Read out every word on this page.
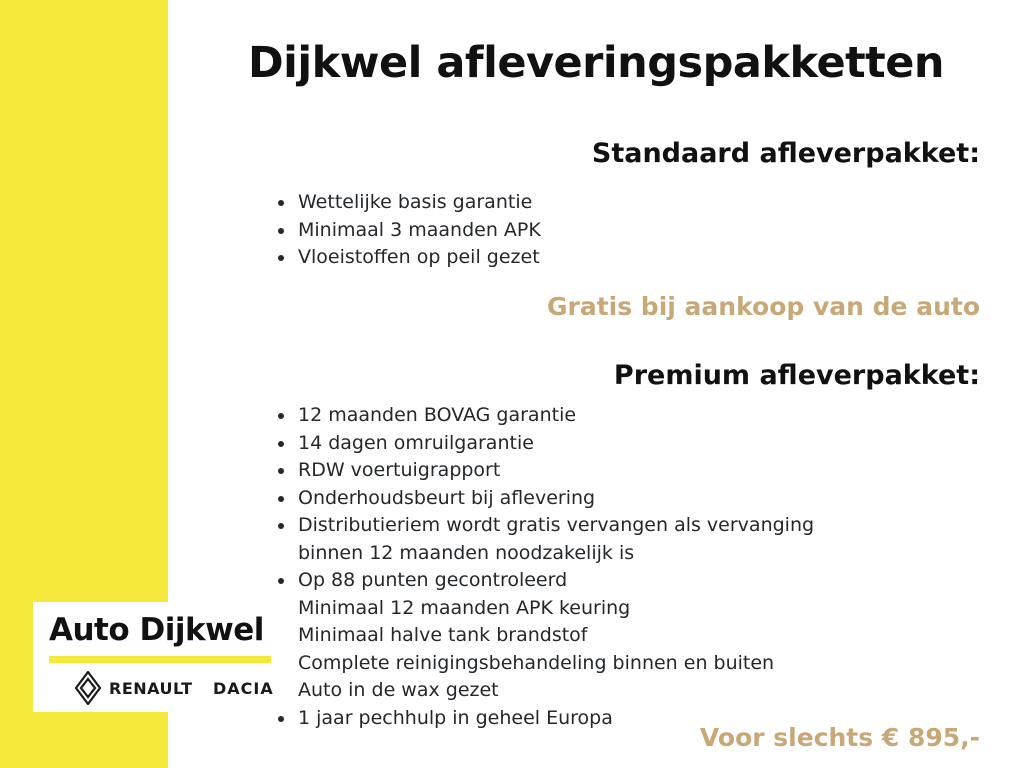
Dijkwel afleveringspakketten
Standaard afleverpakket:
Wettelijke basis garantie
Minimaal 3 maanden APK
Vloeistoffen op peil gezet
Gratis bij aankoop van de auto
Premium afleverpakket:
12 maanden BOVAG garantie
14 dagen omruilgarantie
RDW voertuigrapport
Onderhoudsbeurt bij aflevering
Distributieriem wordt gratis vervangen als vervanging
binnen 12 maanden noodzakelijk is
Op 88 punten gecontroleerd
Minimaal 12 maanden APK keuring
Minimaal halve tank brandstof
Complete reinigingsbehandeling binnen en buiten
Auto in de wax gezet
1 jaar pechhulp in geheel Europa
Voor slechts € 895,-
Auto Dijkwel
RENAULT DACIA
